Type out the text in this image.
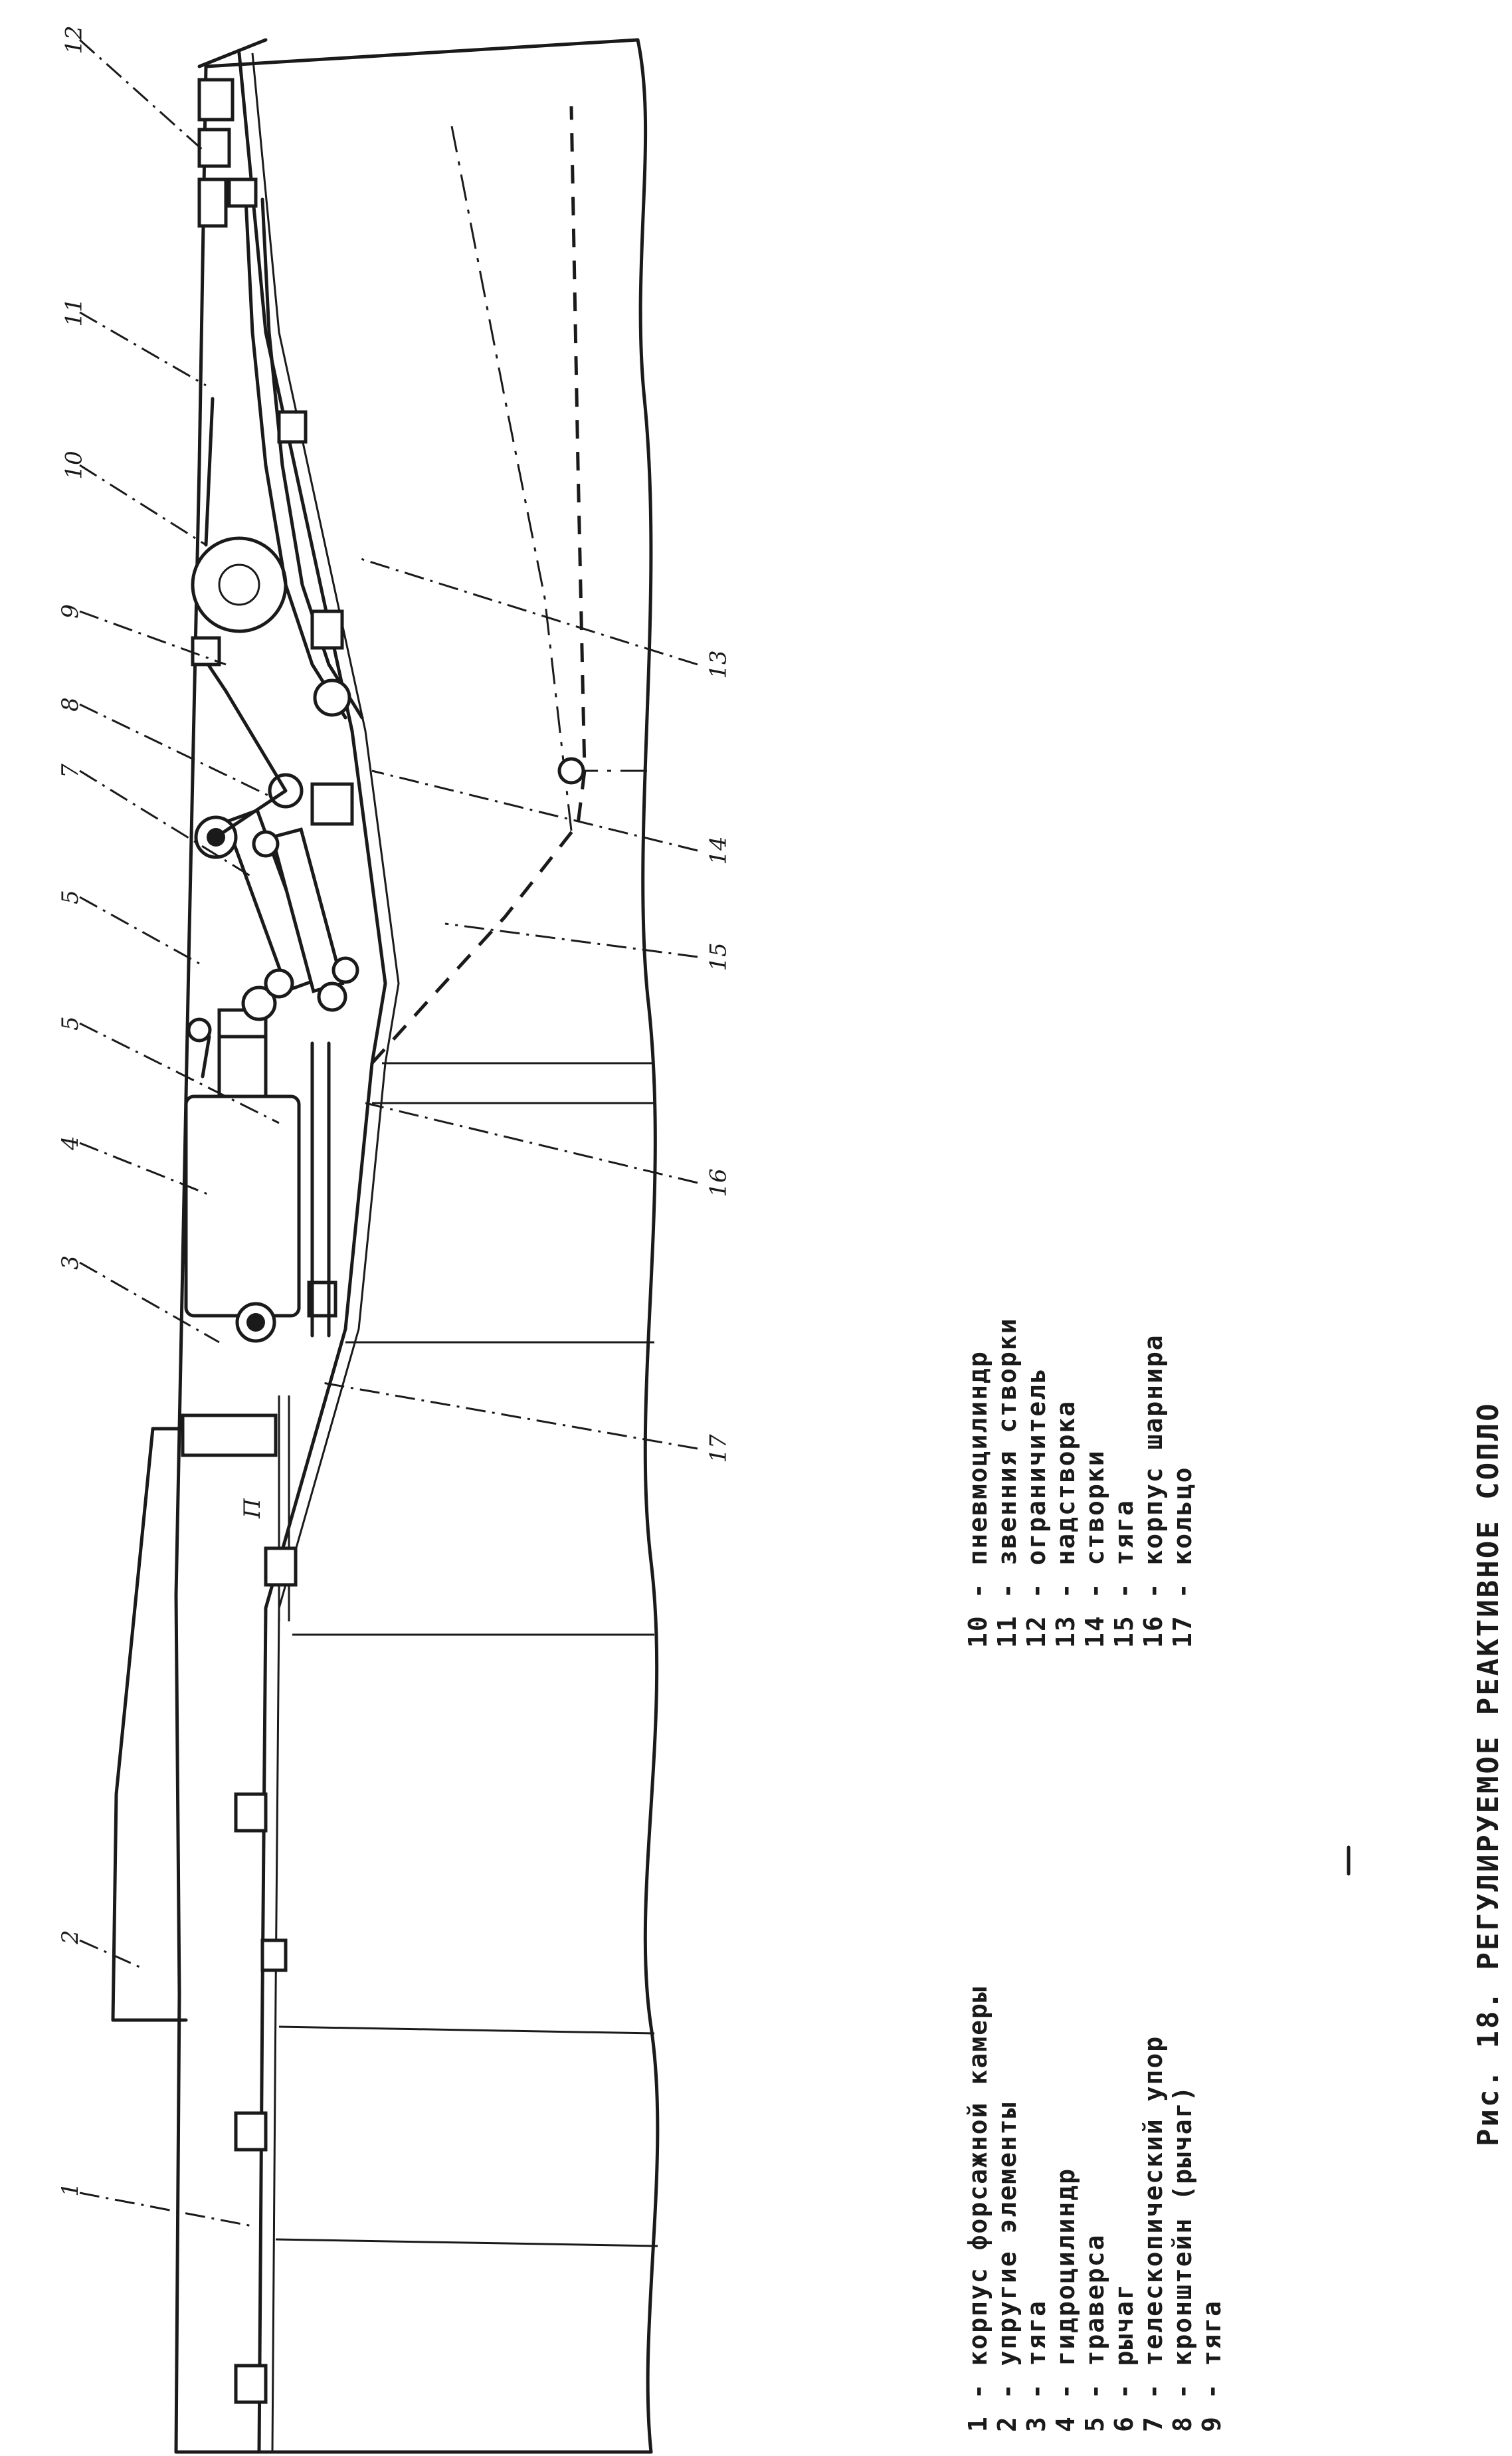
1
2
3
4
5
5
7
8
9
10
11
12
13
14
15
16
17
П
1 - корпус форсажной камеры 2 - упругие элементы 3 - тяга 4 - гидроцилиндр 5 - траверса 6 - рычаг 7 - телескопический упор 8 - кронштейн (рычаг) 9 - тяга
10 - пневмоцилиндр 11 - звенния створки 12 - ограничитель 13 - надстворка 14 - створки 15 - тяга 16 - корпус шарнира 17 - кольцо	Рис. 18. РЕГУЛИРУЕМОЕ РЕАКТИВНОЕ СОПЛО
